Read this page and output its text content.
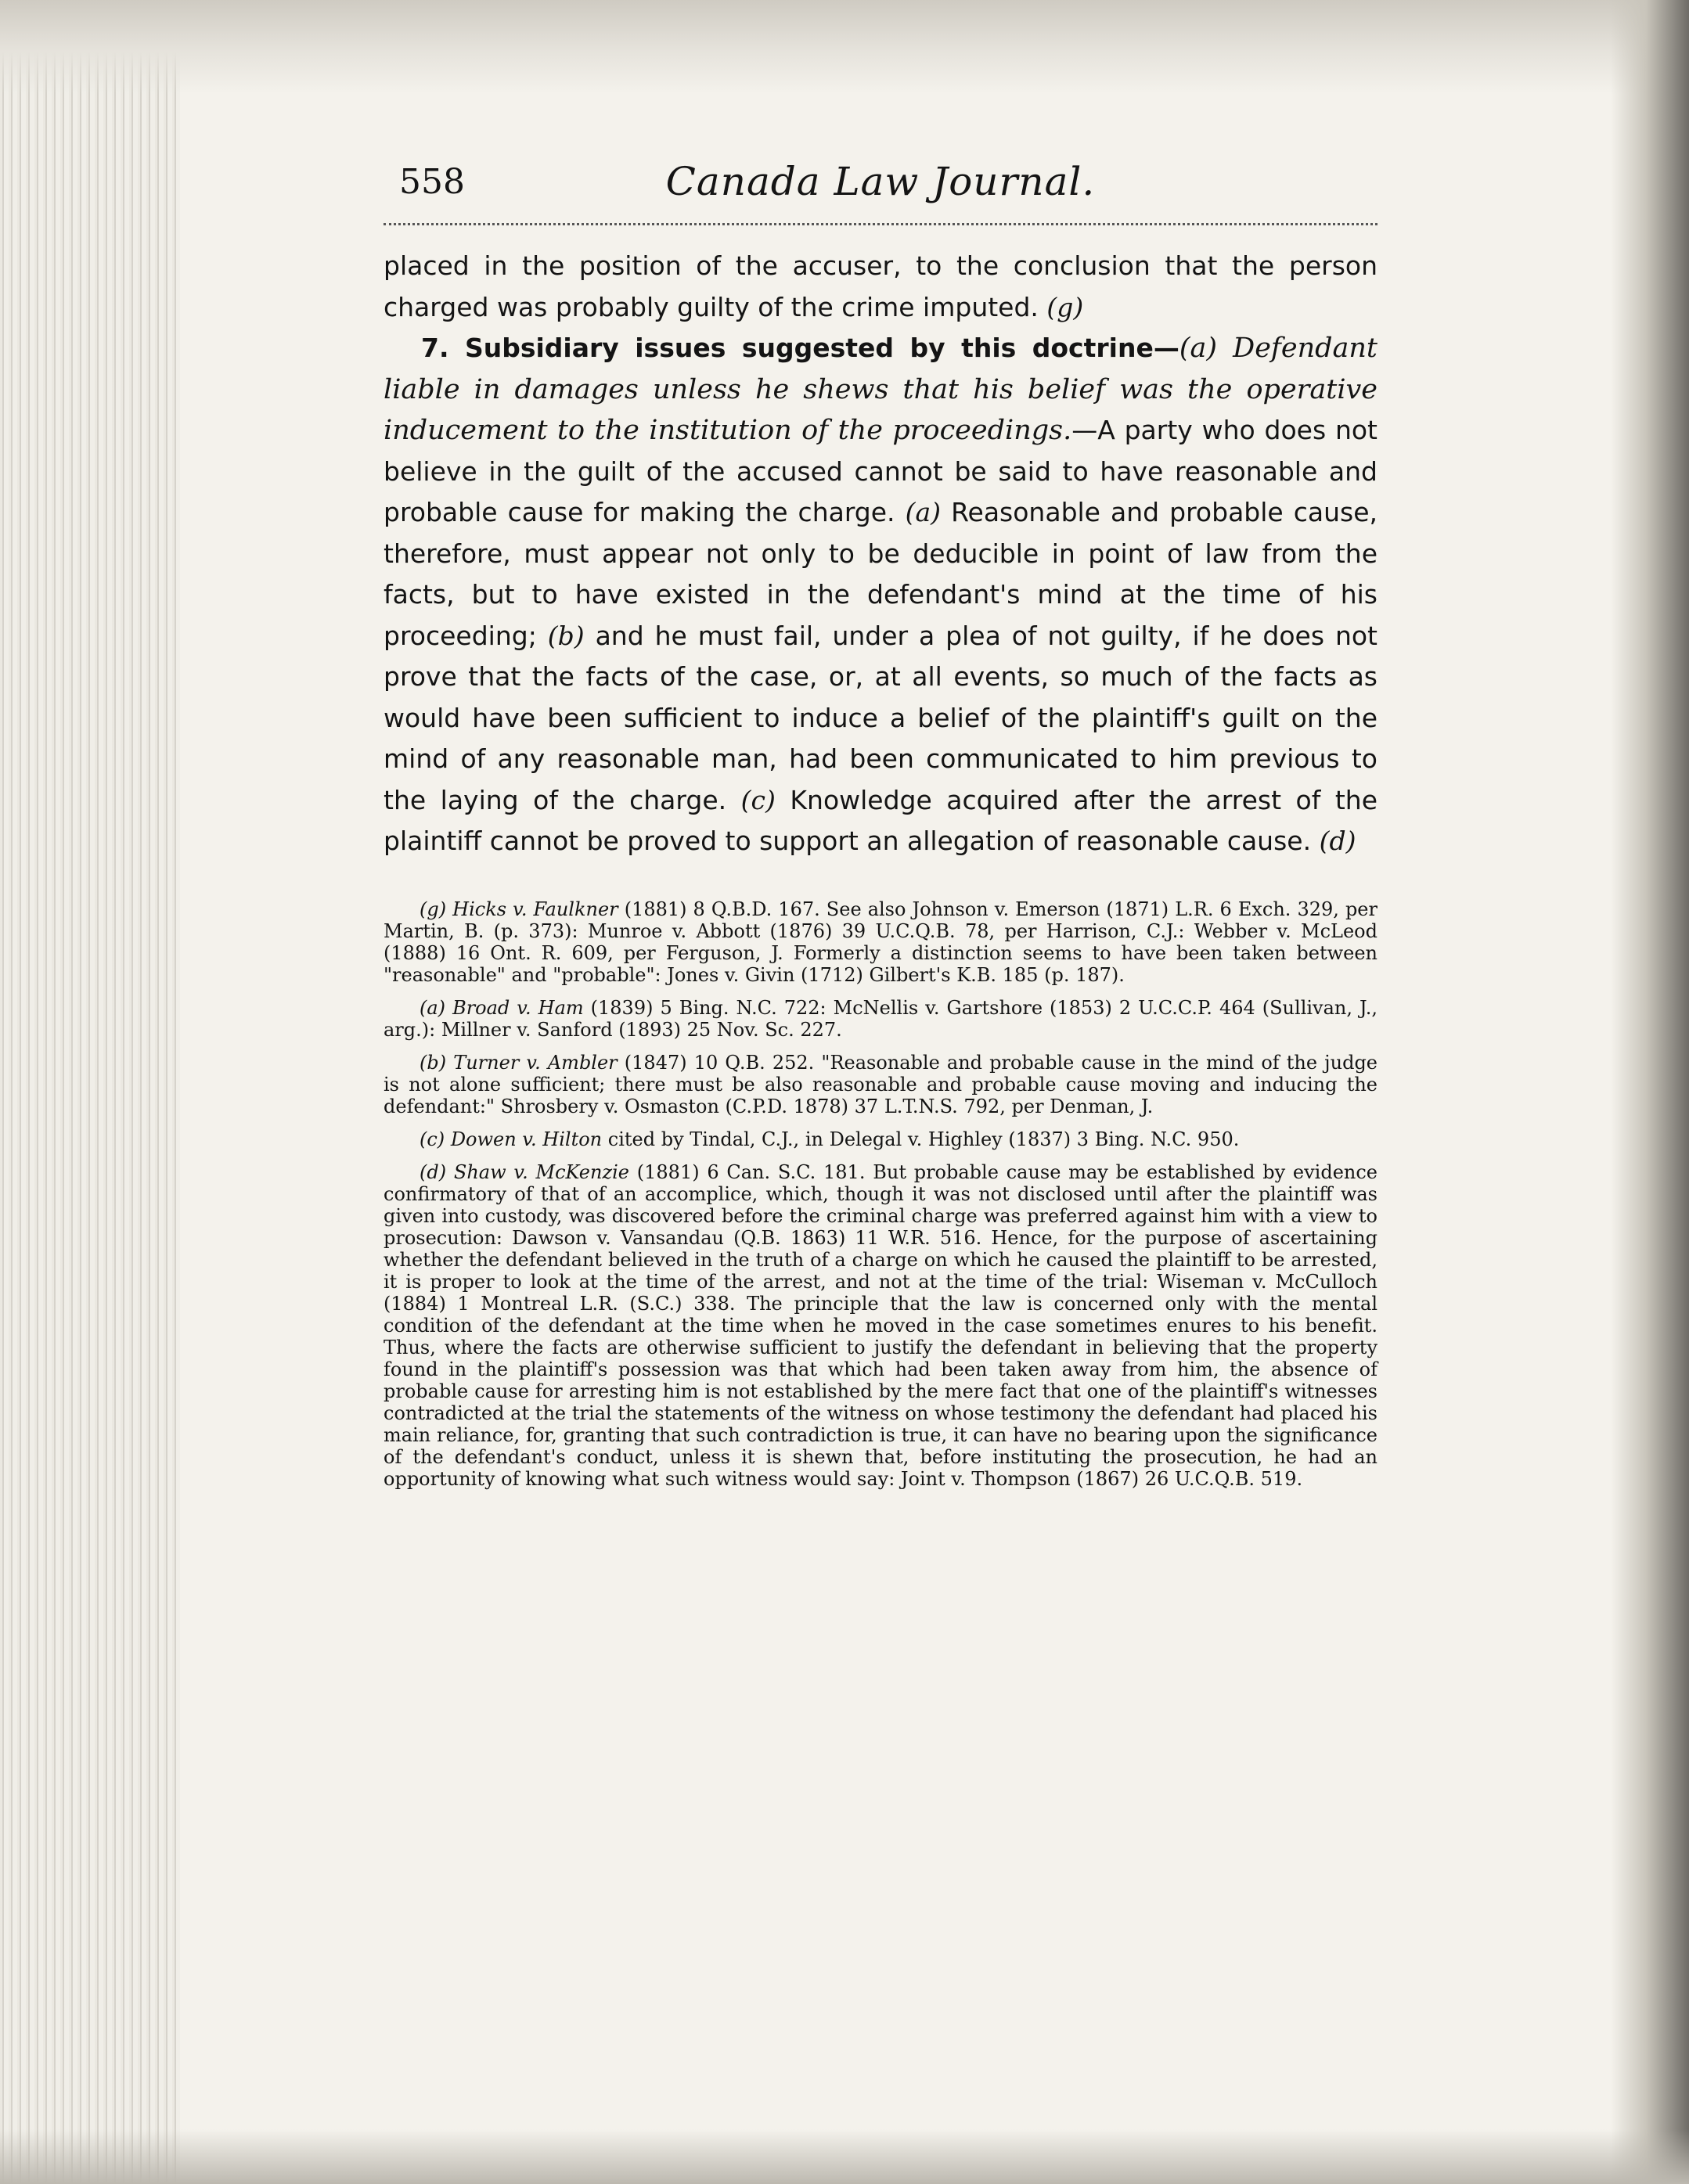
558	Canada Law Journal.

placed in the position of the accuser, to the conclusion that the person charged was probably guilty of the crime imputed. (g)

7. Subsidiary issues suggested by this doctrine—(a) Defendant liable in damages unless he shews that his belief was the operative inducement to the institution of the proceedings.—A party who does not believe in the guilt of the accused cannot be said to have reasonable and probable cause for making the charge. (a) Reasonable and probable cause, therefore, must appear not only to be deducible in point of law from the facts, but to have existed in the defendant's mind at the time of his proceeding; (b) and he must fail, under a plea of not guilty, if he does not prove that the facts of the case, or, at all events, so much of the facts as would have been sufficient to induce a belief of the plaintiff's guilt on the mind of any reasonable man, had been communicated to him previous to the laying of the charge. (c) Knowledge acquired after the arrest of the plaintiff cannot be proved to support an allegation of reasonable cause. (d)

(g) Hicks v. Faulkner (1881) 8 Q.B.D. 167. See also Johnson v. Emerson (1871) L.R. 6 Exch. 329, per Martin, B. (p. 373): Munroe v. Abbott (1876) 39 U.C.Q.B. 78, per Harrison, C.J.: Webber v. McLeod (1888) 16 Ont. R. 609, per Ferguson, J. Formerly a distinction seems to have been taken between "reasonable" and "probable": Jones v. Givin (1712) Gilbert's K.B. 185 (p. 187).

(a) Broad v. Ham (1839) 5 Bing. N.C. 722: McNellis v. Gartshore (1853) 2 U.C.C.P. 464 (Sullivan, J., arg.): Millner v. Sanford (1893) 25 Nov. Sc. 227.

(b) Turner v. Ambler (1847) 10 Q.B. 252. "Reasonable and probable cause in the mind of the judge is not alone sufficient; there must be also reasonable and probable cause moving and inducing the defendant:" Shrosbery v. Osmaston (C.P.D. 1878) 37 L.T.N.S. 792, per Denman, J.

(c) Dowen v. Hilton cited by Tindal, C.J., in Delegal v. Highley (1837) 3 Bing. N.C. 950.

(d) Shaw v. McKenzie (1881) 6 Can. S.C. 181. But probable cause may be established by evidence confirmatory of that of an accomplice, which, though it was not disclosed until after the plaintiff was given into custody, was discovered before the criminal charge was preferred against him with a view to prosecution: Dawson v. Vansandau (Q.B. 1863) 11 W.R. 516. Hence, for the purpose of ascertaining whether the defendant believed in the truth of a charge on which he caused the plaintiff to be arrested, it is proper to look at the time of the arrest, and not at the time of the trial: Wiseman v. McCulloch (1884) 1 Montreal L.R. (S.C.) 338. The principle that the law is concerned only with the mental condition of the defendant at the time when he moved in the case sometimes enures to his benefit. Thus, where the facts are otherwise sufficient to justify the defendant in believing that the property found in the plaintiff's possession was that which had been taken away from him, the absence of probable cause for arresting him is not established by the mere fact that one of the plaintiff's witnesses contradicted at the trial the statements of the witness on whose testimony the defendant had placed his main reliance, for, granting that such contradiction is true, it can have no bearing upon the significance of the defendant's conduct, unless it is shewn that, before instituting the prosecution, he had an opportunity of knowing what such witness would say: Joint v. Thompson (1867) 26 U.C.Q.B. 519.
